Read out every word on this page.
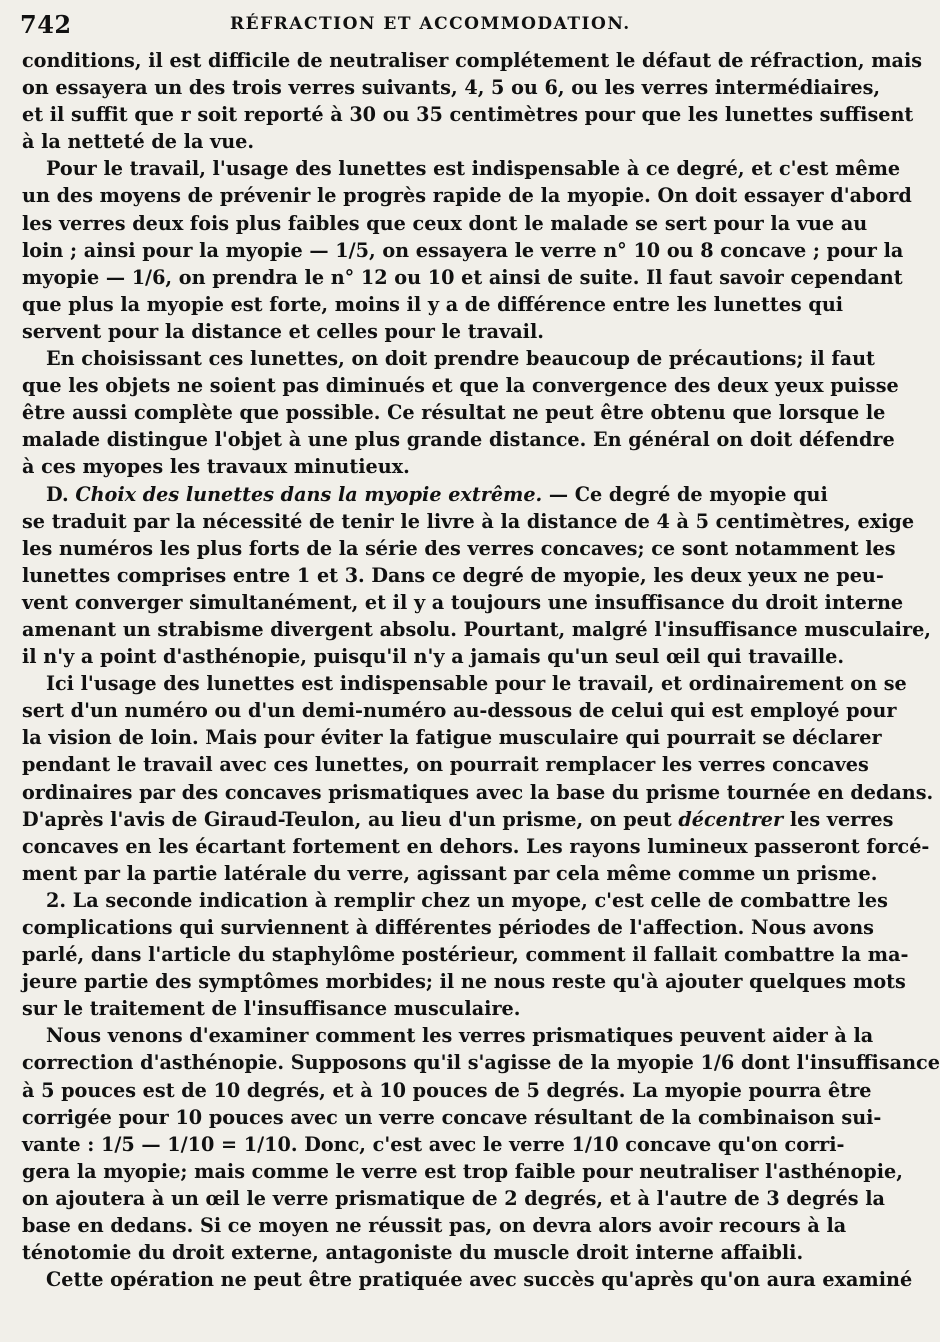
742	RÉFRACTION ET ACCOMMODATION.
conditions, il est difficile de neutraliser complétement le défaut de réfraction, mais
on essayera un des trois verres suivants, 4, 5 ou 6, ou les verres intermédiaires,
et il suffit que r soit reporté à 30 ou 35 centimètres pour que les lunettes suffisent
à la netteté de la vue.
Pour le travail, l'usage des lunettes est indispensable à ce degré, et c'est même
un des moyens de prévenir le progrès rapide de la myopie. On doit essayer d'abord
les verres deux fois plus faibles que ceux dont le malade se sert pour la vue au
loin ; ainsi pour la myopie — 1/5, on essayera le verre n° 10 ou 8 concave ; pour la
myopie — 1/6, on prendra le n° 12 ou 10 et ainsi de suite. Il faut savoir cependant
que plus la myopie est forte, moins il y a de différence entre les lunettes qui
servent pour la distance et celles pour le travail.
En choisissant ces lunettes, on doit prendre beaucoup de précautions; il faut
que les objets ne soient pas diminués et que la convergence des deux yeux puisse
être aussi complète que possible. Ce résultat ne peut être obtenu que lorsque le
malade distingue l'objet à une plus grande distance. En général on doit défendre
à ces myopes les travaux minutieux.
D. Choix des lunettes dans la myopie extrême. — Ce degré de myopie qui
se traduit par la nécessité de tenir le livre à la distance de 4 à 5 centimètres, exige
les numéros les plus forts de la série des verres concaves; ce sont notamment les
lunettes comprises entre 1 et 3. Dans ce degré de myopie, les deux yeux ne peu-
vent converger simultanément, et il y a toujours une insuffisance du droit interne
amenant un strabisme divergent absolu. Pourtant, malgré l'insuffisance musculaire,
il n'y a point d'asthénopie, puisqu'il n'y a jamais qu'un seul œil qui travaille.
Ici l'usage des lunettes est indispensable pour le travail, et ordinairement on se
sert d'un numéro ou d'un demi-numéro au-dessous de celui qui est employé pour
la vision de loin. Mais pour éviter la fatigue musculaire qui pourrait se déclarer
pendant le travail avec ces lunettes, on pourrait remplacer les verres concaves
ordinaires par des concaves prismatiques avec la base du prisme tournée en dedans.
D'après l'avis de Giraud-Teulon, au lieu d'un prisme, on peut décentrer les verres
concaves en les écartant fortement en dehors. Les rayons lumineux passeront forcé-
ment par la partie latérale du verre, agissant par cela même comme un prisme.
2. La seconde indication à remplir chez un myope, c'est celle de combattre les
complications qui surviennent à différentes périodes de l'affection. Nous avons
parlé, dans l'article du staphylôme postérieur, comment il fallait combattre la ma-
jeure partie des symptômes morbides; il ne nous reste qu'à ajouter quelques mots
sur le traitement de l'insuffisance musculaire.
Nous venons d'examiner comment les verres prismatiques peuvent aider à la
correction d'asthénopie. Supposons qu'il s'agisse de la myopie 1/6 dont l'insuffisance
à 5 pouces est de 10 degrés, et à 10 pouces de 5 degrés. La myopie pourra être
corrigée pour 10 pouces avec un verre concave résultant de la combinaison sui-
vante : 1/5 — 1/10 = 1/10. Donc, c'est avec le verre 1/10 concave qu'on corri-
gera la myopie; mais comme le verre est trop faible pour neutraliser l'asthénopie,
on ajoutera à un œil le verre prismatique de 2 degrés, et à l'autre de 3 degrés la
base en dedans. Si ce moyen ne réussit pas, on devra alors avoir recours à la
ténotomie du droit externe, antagoniste du muscle droit interne affaibli.
Cette opération ne peut être pratiquée avec succès qu'après qu'on aura examiné
